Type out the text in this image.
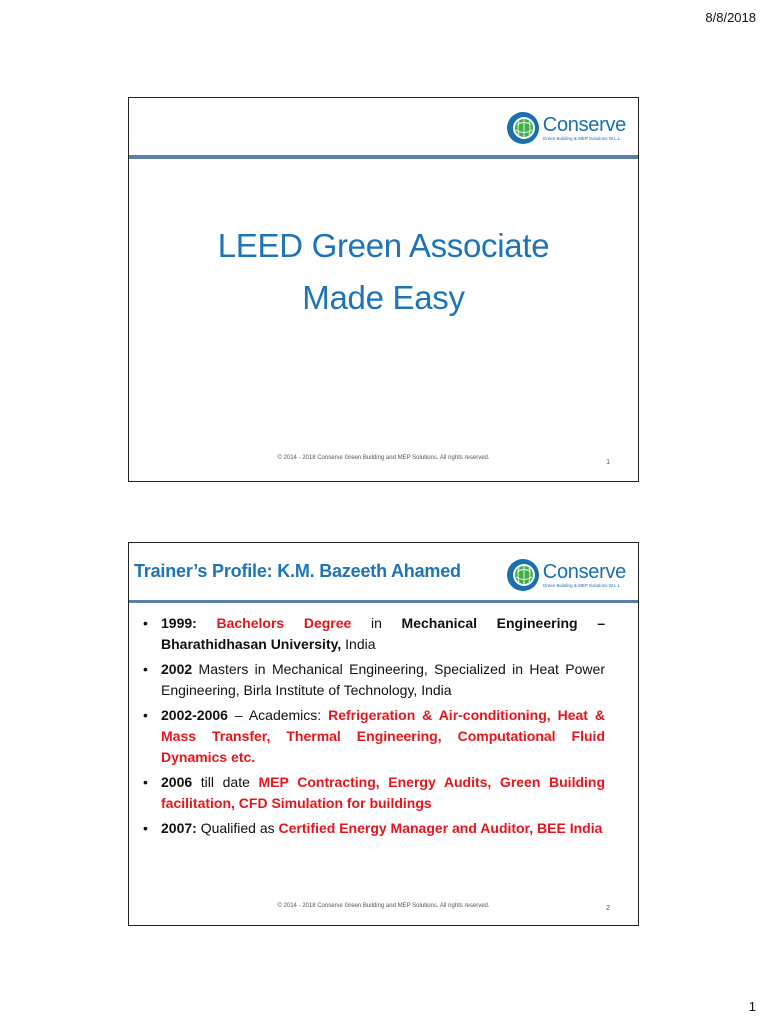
8/8/2018
Conserve
Green Building & MEP Solutions W.L.L
LEED Green Associate
Made Easy
© 2014 - 2018 Conserve Green Building and MEP Solutions. All rights reserved.
1
Trainer’s Profile: K.M. Bazeeth Ahamed	Conserve
Green Building & MEP Solutions W.L.L
• 1999: Bachelors Degree in Mechanical Engineering – Bharathidhasan University, India
• 2002 Masters in Mechanical Engineering, Specialized in Heat Power Engineering, Birla Institute of Technology, India
• 2002-2006 – Academics: Refrigeration & Air-conditioning, Heat & Mass Transfer, Thermal Engineering, Computational Fluid Dynamics etc.
• 2006 till date MEP Contracting, Energy Audits, Green Building facilitation, CFD Simulation for buildings
• 2007: Qualified as Certified Energy Manager and Auditor, BEE India
© 2014 - 2018 Conserve Green Building and MEP Solutions. All rights reserved.	2
1
